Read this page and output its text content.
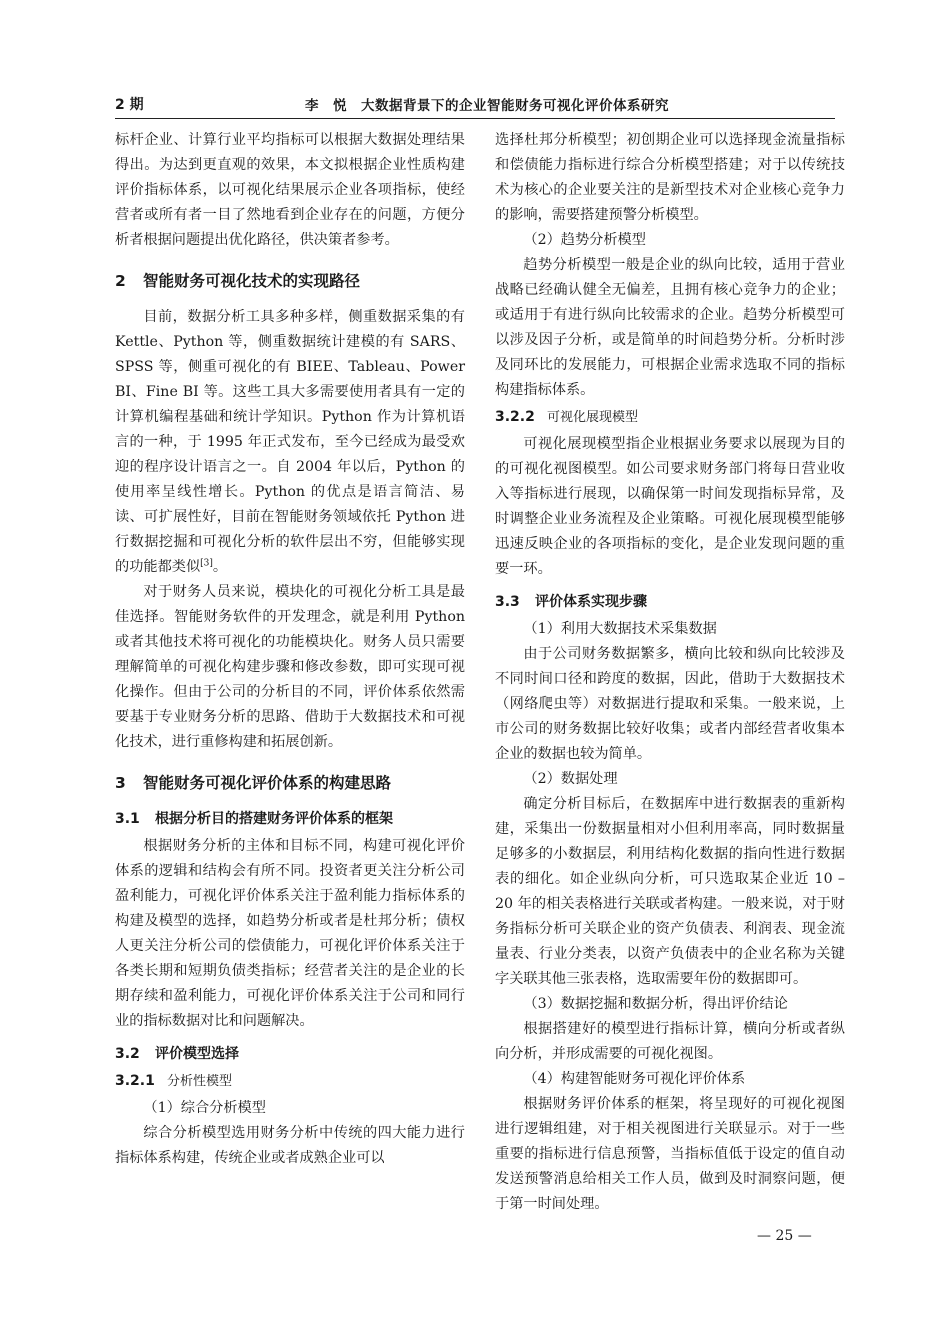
2 期	李　悦　大数据背景下的企业智能财务可视化评价体系研究

标杆企业、计算行业平均指标可以根据大数据处理结果得出。为达到更直观的效果，本文拟根据企业性质构建评价指标体系，以可视化结果展示企业各项指标，使经营者或所有者一目了然地看到企业存在的问题，方便分析者根据问题提出优化路径，供决策者参考。

2 智能财务可视化技术的实现路径

目前，数据分析工具多种多样，侧重数据采集的有 Kettle、Python 等，侧重数据统计建模的有 SARS、SPSS 等，侧重可视化的有 BIEE、Tableau、Power BI、Fine BI 等。这些工具大多需要使用者具有一定的计算机编程基础和统计学知识。Python 作为计算机语言的一种，于 1995 年正式发布，至今已经成为最受欢迎的程序设计语言之一。自 2004 年以后，Python 的使用率呈线性增长。Python 的优点是语言简洁、易读、可扩展性好，目前在智能财务领域依托 Python 进行数据挖掘和可视化分析的软件层出不穷，但能够实现的功能都类似[3]。

对于财务人员来说，模块化的可视化分析工具是最佳选择。智能财务软件的开发理念，就是利用 Python 或者其他技术将可视化的功能模块化。财务人员只需要理解简单的可视化构建步骤和修改参数，即可实现可视化操作。但由于公司的分析目的不同，评价体系依然需要基于专业财务分析的思路、借助于大数据技术和可视化技术，进行重修构建和拓展创新。

3 智能财务可视化评价体系的构建思路
3.1 根据分析目的搭建财务评价体系的框架

根据财务分析的主体和目标不同，构建可视化评价体系的逻辑和结构会有所不同。投资者更关注分析公司盈利能力，可视化评价体系关注于盈利能力指标体系的构建及模型的选择，如趋势分析或者是杜邦分析；债权人更关注分析公司的偿债能力，可视化评价体系关注于各类长期和短期负债类指标；经营者关注的是企业的长期存续和盈利能力，可视化评价体系关注于公司和同行业的指标数据对比和问题解决。

3.2 评价模型选择
3.2.1 分析性模型

（1）综合分析模型

综合分析模型选用财务分析中传统的四大能力进行指标体系构建，传统企业或者成熟企业可以

选择杜邦分析模型；初创期企业可以选择现金流量指标和偿债能力指标进行综合分析模型搭建；对于以传统技术为核心的企业要关注的是新型技术对企业核心竞争力的影响，需要搭建预警分析模型。

（2）趋势分析模型

趋势分析模型一般是企业的纵向比较，适用于营业战略已经确认健全无偏差，且拥有核心竞争力的企业；或适用于有进行纵向比较需求的企业。趋势分析模型可以涉及因子分析，或是简单的时间趋势分析。分析时涉及同环比的发展能力，可根据企业需求选取不同的指标构建指标体系。

3.2.2 可视化展现模型

可视化展现模型指企业根据业务要求以展现为目的的可视化视图模型。如公司要求财务部门将每日营业收入等指标进行展现，以确保第一时间发现指标异常，及时调整企业业务流程及企业策略。可视化展现模型能够迅速反映企业的各项指标的变化，是企业发现问题的重要一环。

3.3 评价体系实现步骤

（1）利用大数据技术采集数据

由于公司财务数据繁多，横向比较和纵向比较涉及不同时间口径和跨度的数据，因此，借助于大数据技术（网络爬虫等）对数据进行提取和采集。一般来说，上市公司的财务数据比较好收集；或者内部经营者收集本企业的数据也较为简单。

（2）数据处理

确定分析目标后，在数据库中进行数据表的重新构建，采集出一份数据量相对小但利用率高，同时数据量足够多的小数据层，利用结构化数据的指向性进行数据表的细化。如企业纵向分析，可只选取某企业近 10 – 20 年的相关表格进行关联或者构建。一般来说，对于财务指标分析可关联企业的资产负债表、利润表、现金流量表、行业分类表，以资产负债表中的企业名称为关键字关联其他三张表格，选取需要年份的数据即可。

（3）数据挖掘和数据分析，得出评价结论

根据搭建好的模型进行指标计算，横向分析或者纵向分析，并形成需要的可视化视图。

（4）构建智能财务可视化评价体系

根据财务评价体系的框架，将呈现好的可视化视图进行逻辑组建，对于相关视图进行关联显示。对于一些重要的指标进行信息预警，当指标值低于设定的值自动发送预警消息给相关工作人员，做到及时洞察问题，便于第一时间处理。

— 25 —
